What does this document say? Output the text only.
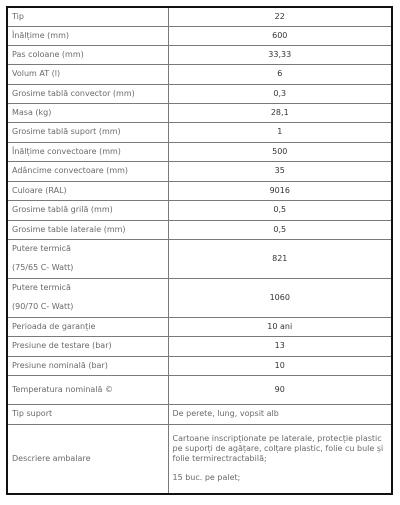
Tip	22
Înălțime (mm)	600
Pas coloane (mm)	33,33
Volum AT (l)	6
Grosime tablă convector (mm)	0,3
Masa (kg)	28,1
Grosime tablă suport (mm)	1
Înălțime convectoare (mm)	500
Adâncime convectoare (mm)	35
Culoare (RAL)	9016
Grosime tablă grilă (mm)	0,5
Grosime table laterale (mm)	0,5

Putere termică
(75/65 C- Watt)	821

Putere termică
(90/70 C- Watt)	1060
Perioada de garanție	10 ani
Presiune de testare (bar)	13
Presiune nominală (bar)	10
Temperatura nominală ©	90
Tip suport	De perete, lung, vopsit alb
Descriere ambalare	Cartoane inscripționate pe laterale, protecție plastic
pe suporți de agățare, colțare plastic, folie cu bule și
folie termirectractabilă;
15 buc. pe palet;
